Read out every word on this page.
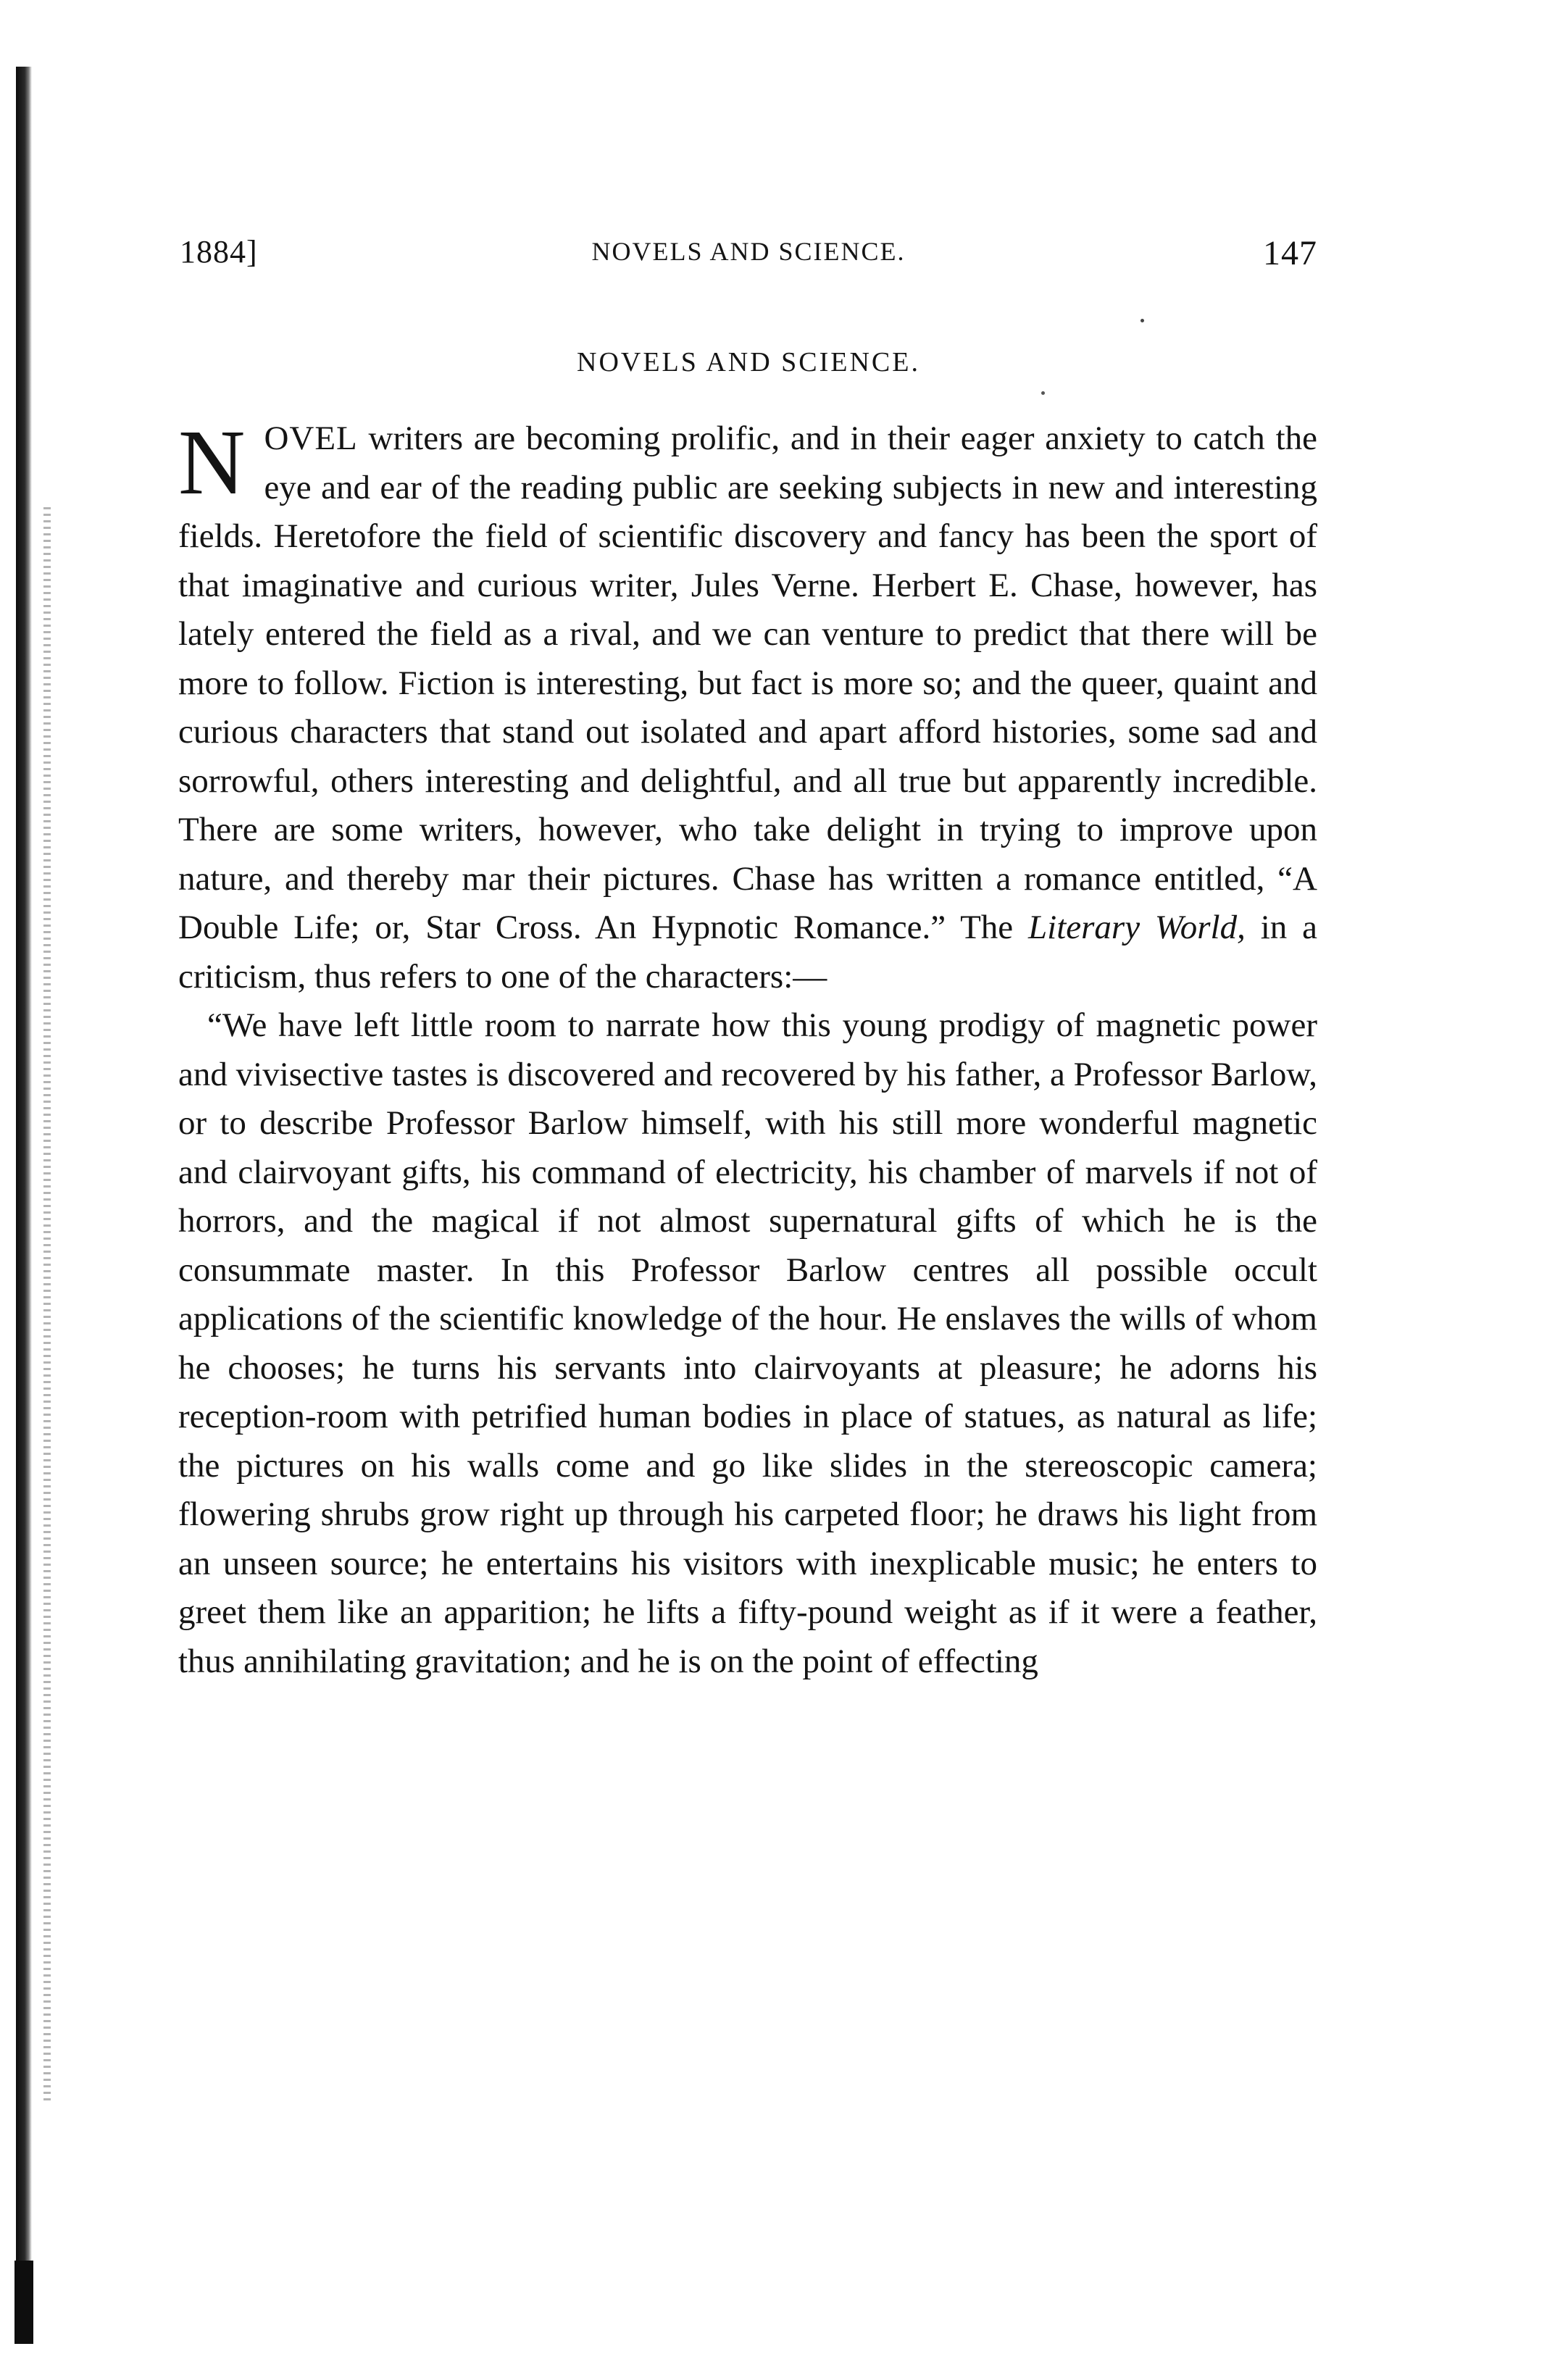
1884]	NOVELS AND SCIENCE.	147
NOVELS AND SCIENCE.

NOVEL writers are becoming prolific, and in their eager anxiety to catch the eye and ear of the reading public are seeking subjects in new and interesting fields. Heretofore the field of scientific discovery and fancy has been the sport of that imaginative and curious writer, Jules Verne. Herbert E. Chase, however, has lately entered the field as a rival, and we can venture to predict that there will be more to follow. Fiction is interesting, but fact is more so; and the queer, quaint and curious characters that stand out isolated and apart afford histories, some sad and sorrowful, others interesting and delightful, and all true but apparently incredible. There are some writers, however, who take delight in trying to improve upon nature, and thereby mar their pictures. Chase has written a romance entitled, “A Double Life; or, Star Cross. An Hypnotic Romance.” The Literary World, in a criticism, thus refers to one of the characters:—

“We have left little room to narrate how this young prodigy of magnetic power and vivisective tastes is discovered and recovered by his father, a Professor Barlow, or to describe Professor Barlow himself, with his still more wonderful magnetic and clairvoyant gifts, his command of electricity, his chamber of marvels if not of horrors, and the magical if not almost supernatural gifts of which he is the consummate master. In this Professor Barlow centres all possible occult applications of the scientific knowledge of the hour. He enslaves the wills of whom he chooses; he turns his servants into clairvoyants at pleasure; he adorns his reception-room with petrified human bodies in place of statues, as natural as life; the pictures on his walls come and go like slides in the stereoscopic camera; flowering shrubs grow right up through his carpeted floor; he draws his light from an unseen source; he entertains his visitors with inexplicable music; he enters to greet them like an apparition; he lifts a fifty-pound weight as if it were a feather, thus annihilating gravitation; and he is on the point of effecting
